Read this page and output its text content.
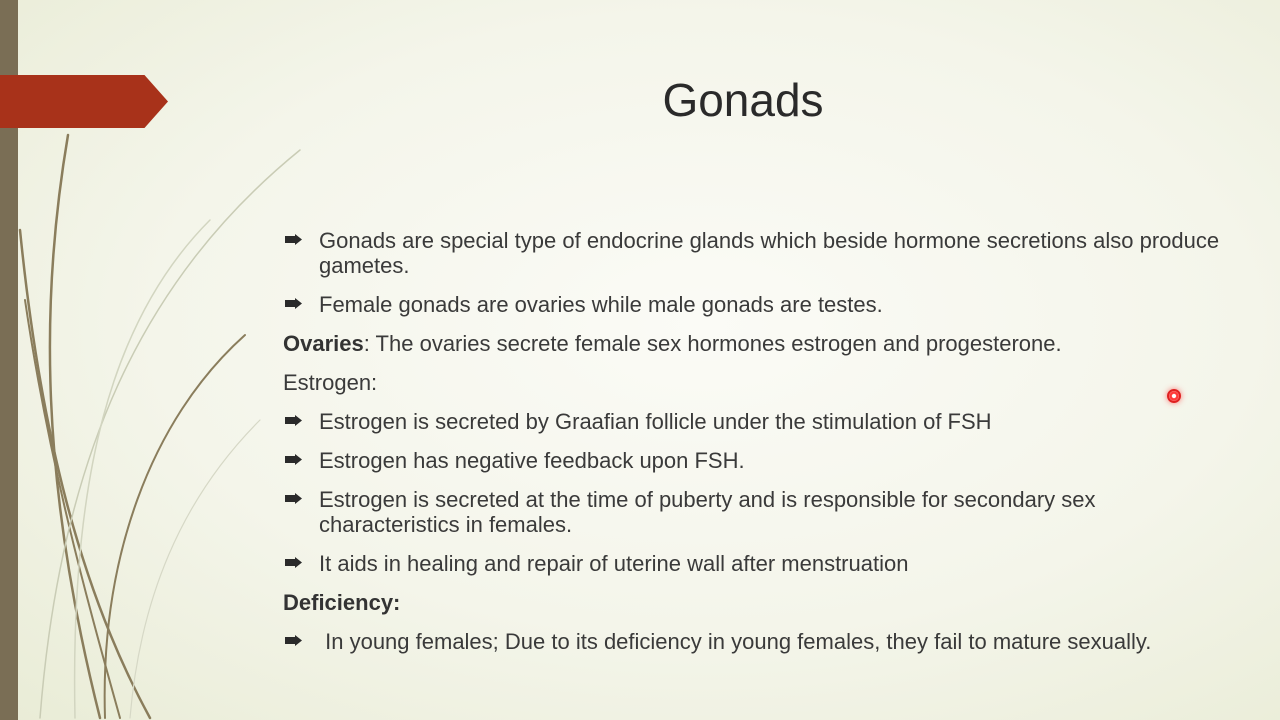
Gonads
Gonads are special type of endocrine glands which beside hormone secretions also produce gametes.
Female gonads are ovaries while male gonads are testes.
Ovaries: The ovaries secrete female sex hormones estrogen and progesterone.
Estrogen:
Estrogen is secreted by Graafian follicle under the stimulation of FSH
Estrogen has negative feedback upon FSH.
Estrogen is secreted at the time of puberty and is responsible for secondary sex characteristics in females.
It aids in healing and repair of uterine wall after menstruation
Deficiency:
In young females; Due to its deficiency in young females, they fail to mature sexually.
